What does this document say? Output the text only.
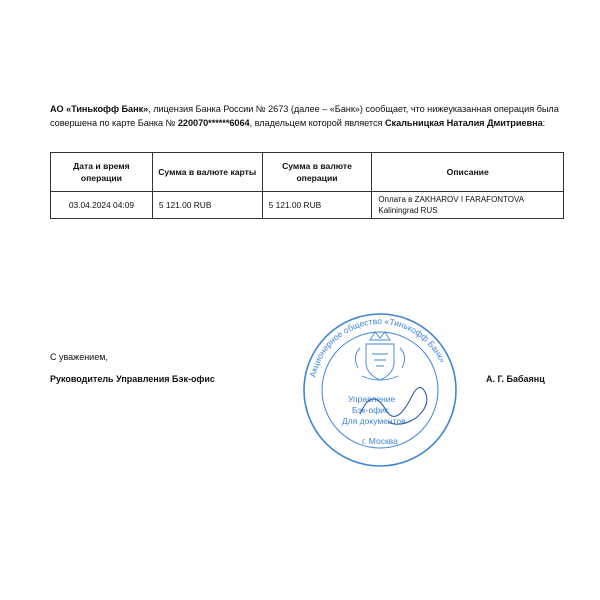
АО «Тинькофф Банк», лицензия Банка России № 2673 (далее – «Банк») сообщает, что нижеуказанная операция была совершена по карте Банка № 220070******6064, владельцем которой является Скальницкая Наталия Дмитриевна:
Дата и время операции	Сумма в валюте карты	Сумма в валюте операции	Описание
03.04.2024 04:09	5 121.00 RUB	5 121.00 RUB	Оплата в ZAKHAROV I FARAFONTOVA Kaliningrad RUS
С уважением,
Руководитель Управления Бэк-офис	А. Г. Бабаянц
Акционерное общество «Тинькофф Банк»
Управление
Бэк-офис
Для документов
г. Москва
